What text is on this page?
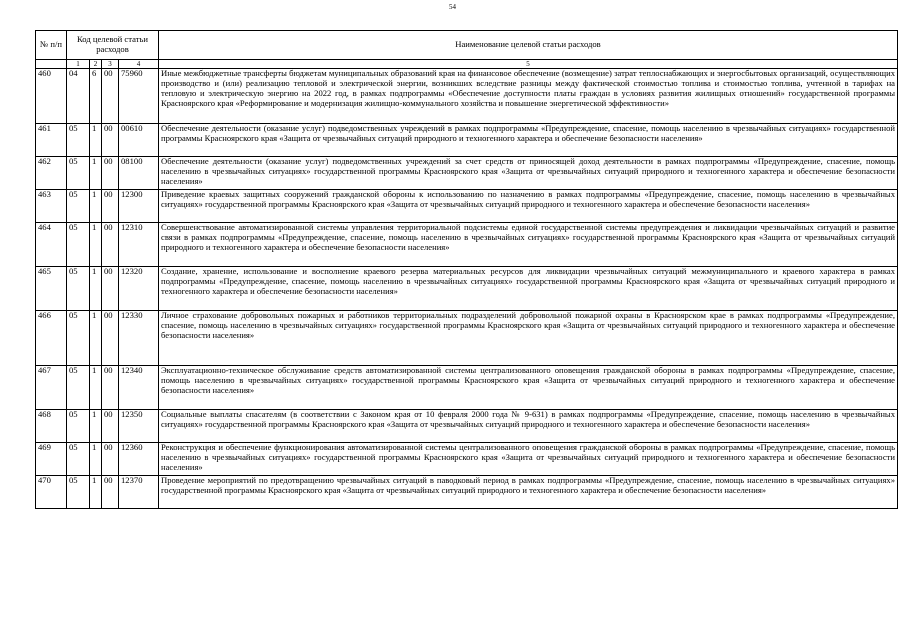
54
№ п/п	Код целевой статьи расходов				Наименование целевой статьи расходов
	1	2	3	4	5
460	04	6	00	75960	Иные межбюджетные трансферты бюджетам муниципальных образований края на финансовое обеспечение (возмещение) затрат теплоснабжающих и энергосбытовых организаций, осуществляющих производство и (или) реализацию тепловой и электрической энергии, возникших вследствие разницы между фактической стоимостью топлива и стоимостью топлива, учтенной в тарифах на тепловую и электрическую энергию на 2022 год, в рамках подпрограммы «Обеспечение доступности платы граждан в условиях развития жилищных отношений» государственной программы Красноярского края «Реформирование и модернизация жилищно-коммунального хозяйства и повышение энергетической эффективности»
461	05	1	00	00610	Обеспечение деятельности (оказание услуг) подведомственных учреждений в рамках подпрограммы «Предупреждение, спасение, помощь населению в чрезвычайных ситуациях» государственной программы Красноярского края «Защита от чрезвычайных ситуаций природного и техногенного характера и обеспечение безопасности населения»
462	05	1	00	08100	Обеспечение деятельности (оказание услуг) подведомственных учреждений за счет средств от приносящей доход деятельности в рамках подпрограммы «Предупреждение, спасение, помощь населению в чрезвычайных ситуациях» государственной программы Красноярского края «Защита от чрезвычайных ситуаций природного и техногенного характера и обеспечение безопасности населения»
463	05	1	00	12300	Приведение краевых защитных сооружений гражданской обороны к использованию по назначению в рамках подпрограммы «Предупреждение, спасение, помощь населению в чрезвычайных ситуациях» государственной программы Красноярского края «Защита от чрезвычайных ситуаций природного и техногенного характера и обеспечение безопасности населения»
464	05	1	00	12310	Совершенствование автоматизированной системы управления территориальной подсистемы единой государственной системы предупреждения и ликвидации чрезвычайных ситуаций и развитие связи в рамках подпрограммы «Предупреждение, спасение, помощь населению в чрезвычайных ситуациях» государственной программы Красноярского края «Защита от чрезвычайных ситуаций природного и техногенного характера и обеспечение безопасности населения»
465	05	1	00	12320	Создание, хранение, использование и восполнение краевого резерва материальных ресурсов для ликвидации чрезвычайных ситуаций межмуниципального и краевого характера в рамках подпрограммы «Предупреждение, спасение, помощь населению в чрезвычайных ситуациях» государственной программы Красноярского края «Защита от чрезвычайных ситуаций природного и техногенного характера и обеспечение безопасности населения»
466	05	1	00	12330	Личное страхование добровольных пожарных и работников территориальных подразделений добровольной пожарной охраны в Красноярском крае в рамках подпрограммы «Предупреждение, спасение, помощь населению в чрезвычайных ситуациях» государственной программы Красноярского края «Защита от чрезвычайных ситуаций природного и техногенного характера и обеспечение безопасности населения»
467	05	1	00	12340	Эксплуатационно-техническое обслуживание средств автоматизированной системы централизованного оповещения гражданской обороны в рамках подпрограммы «Предупреждение, спасение, помощь населению в чрезвычайных ситуациях» государственной программы Красноярского края «Защита от чрезвычайных ситуаций природного и техногенного характера и обеспечение безопасности населения»
468	05	1	00	12350	Социальные выплаты спасателям (в соответствии с Законом края от 10 февраля 2000 года № 9-631) в рамках подпрограммы «Предупреждение, спасение, помощь населению в чрезвычайных ситуациях» государственной программы Красноярского края «Защита от чрезвычайных ситуаций природного и техногенного характера и обеспечение безопасности населения»
469	05	1	00	12360	Реконструкция и обеспечение функционирования автоматизированной системы централизованного оповещения гражданской обороны в рамках подпрограммы «Предупреждение, спасение, помощь населению в чрезвычайных ситуациях» государственной программы Красноярского края «Защита от чрезвычайных ситуаций природного и техногенного характера и обеспечение безопасности населения»
470	05	1	00	12370	Проведение мероприятий по предотвращению чрезвычайных ситуаций в паводковый период в рамках подпрограммы «Предупреждение, спасение, помощь населению в чрезвычайных ситуациях» государственной программы Красноярского края «Защита от чрезвычайных ситуаций природного и техногенного характера и обеспечение безопасности населения»
